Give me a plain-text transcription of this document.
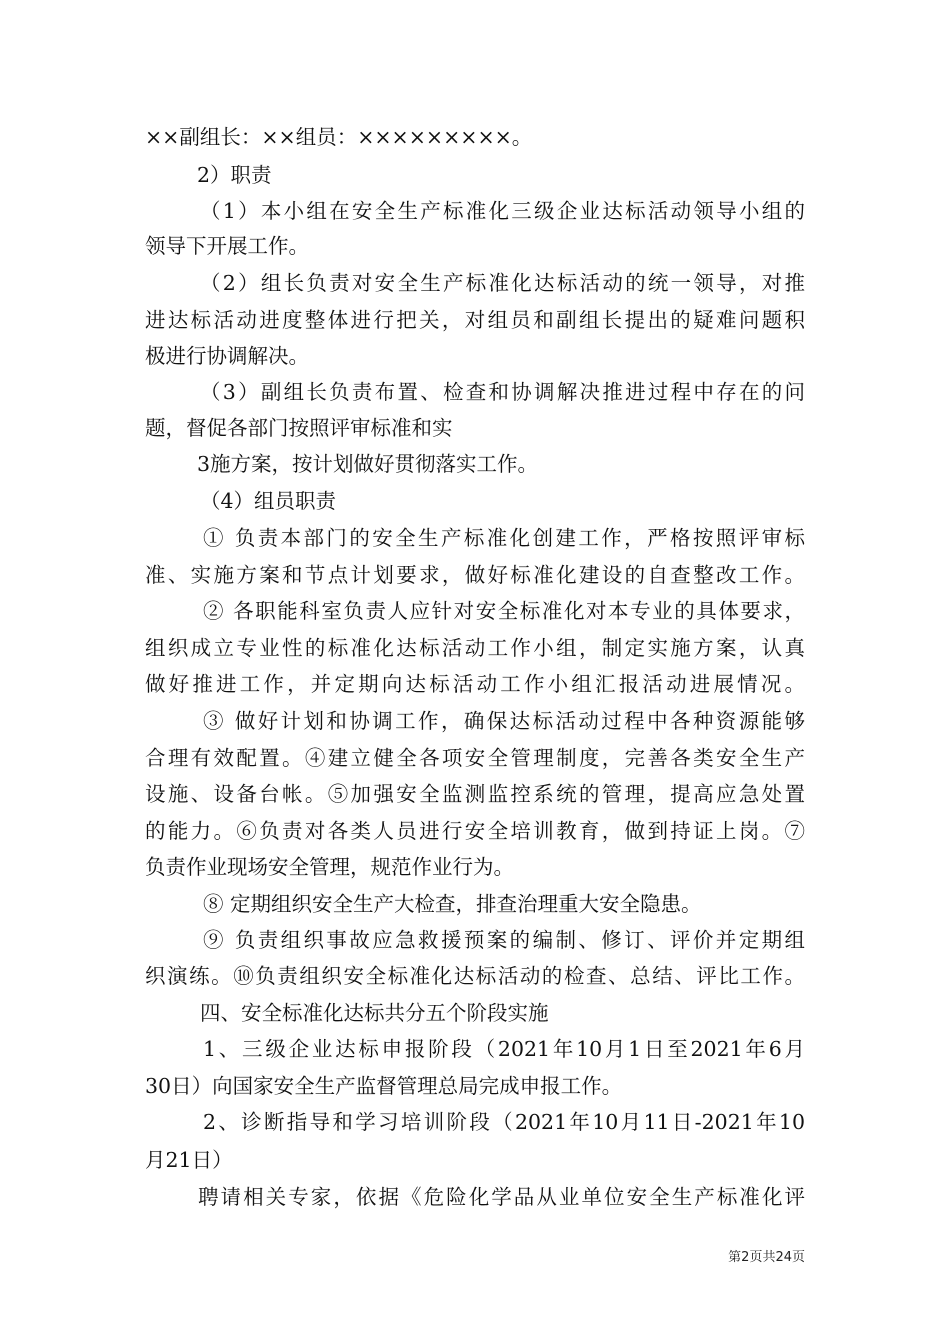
××副组长：××组员：×××××××××。
2）职责
（1）本小组在安全生产标准化三级企业达标活动领导小组的
领导下开展工作。
（2）组长负责对安全生产标准化达标活动的统一领导，对推
进达标活动进度整体进行把关，对组员和副组长提出的疑难问题积
极进行协调解决。
（3）副组长负责布置、检查和协调解决推进过程中存在的问
题，督促各部门按照评审标准和实
3施方案，按计划做好贯彻落实工作。
（4）组员职责
① 负责本部门的安全生产标准化创建工作，严格按照评审标
准、实施方案和节点计划要求，做好标准化建设的自查整改工作。
② 各职能科室负责人应针对安全标准化对本专业的具体要求，
组织成立专业性的标准化达标活动工作小组，制定实施方案，认真
做好推进工作，并定期向达标活动工作小组汇报活动进展情况。
③ 做好计划和协调工作，确保达标活动过程中各种资源能够
合理有效配置。④建立健全各项安全管理制度，完善各类安全生产
设施、设备台帐。⑤加强安全监测监控系统的管理，提高应急处置
的能力。⑥负责对各类人员进行安全培训教育，做到持证上岗。⑦
负责作业现场安全管理，规范作业行为。
⑧ 定期组织安全生产大检查，排查治理重大安全隐患。
⑨ 负责组织事故应急救援预案的编制、修订、评价并定期组
织演练。⑩负责组织安全标准化达标活动的检查、总结、评比工作。
四、安全标准化达标共分五个阶段实施
1、三级企业达标申报阶段（2021年10月1日至2021年6月
30日）向国家安全生产监督管理总局完成申报工作。
2、诊断指导和学习培训阶段（2021年10月11日-2021年10
月21日）
聘请相关专家，依据《危险化学品从业单位安全生产标准化评
第2页共24页
